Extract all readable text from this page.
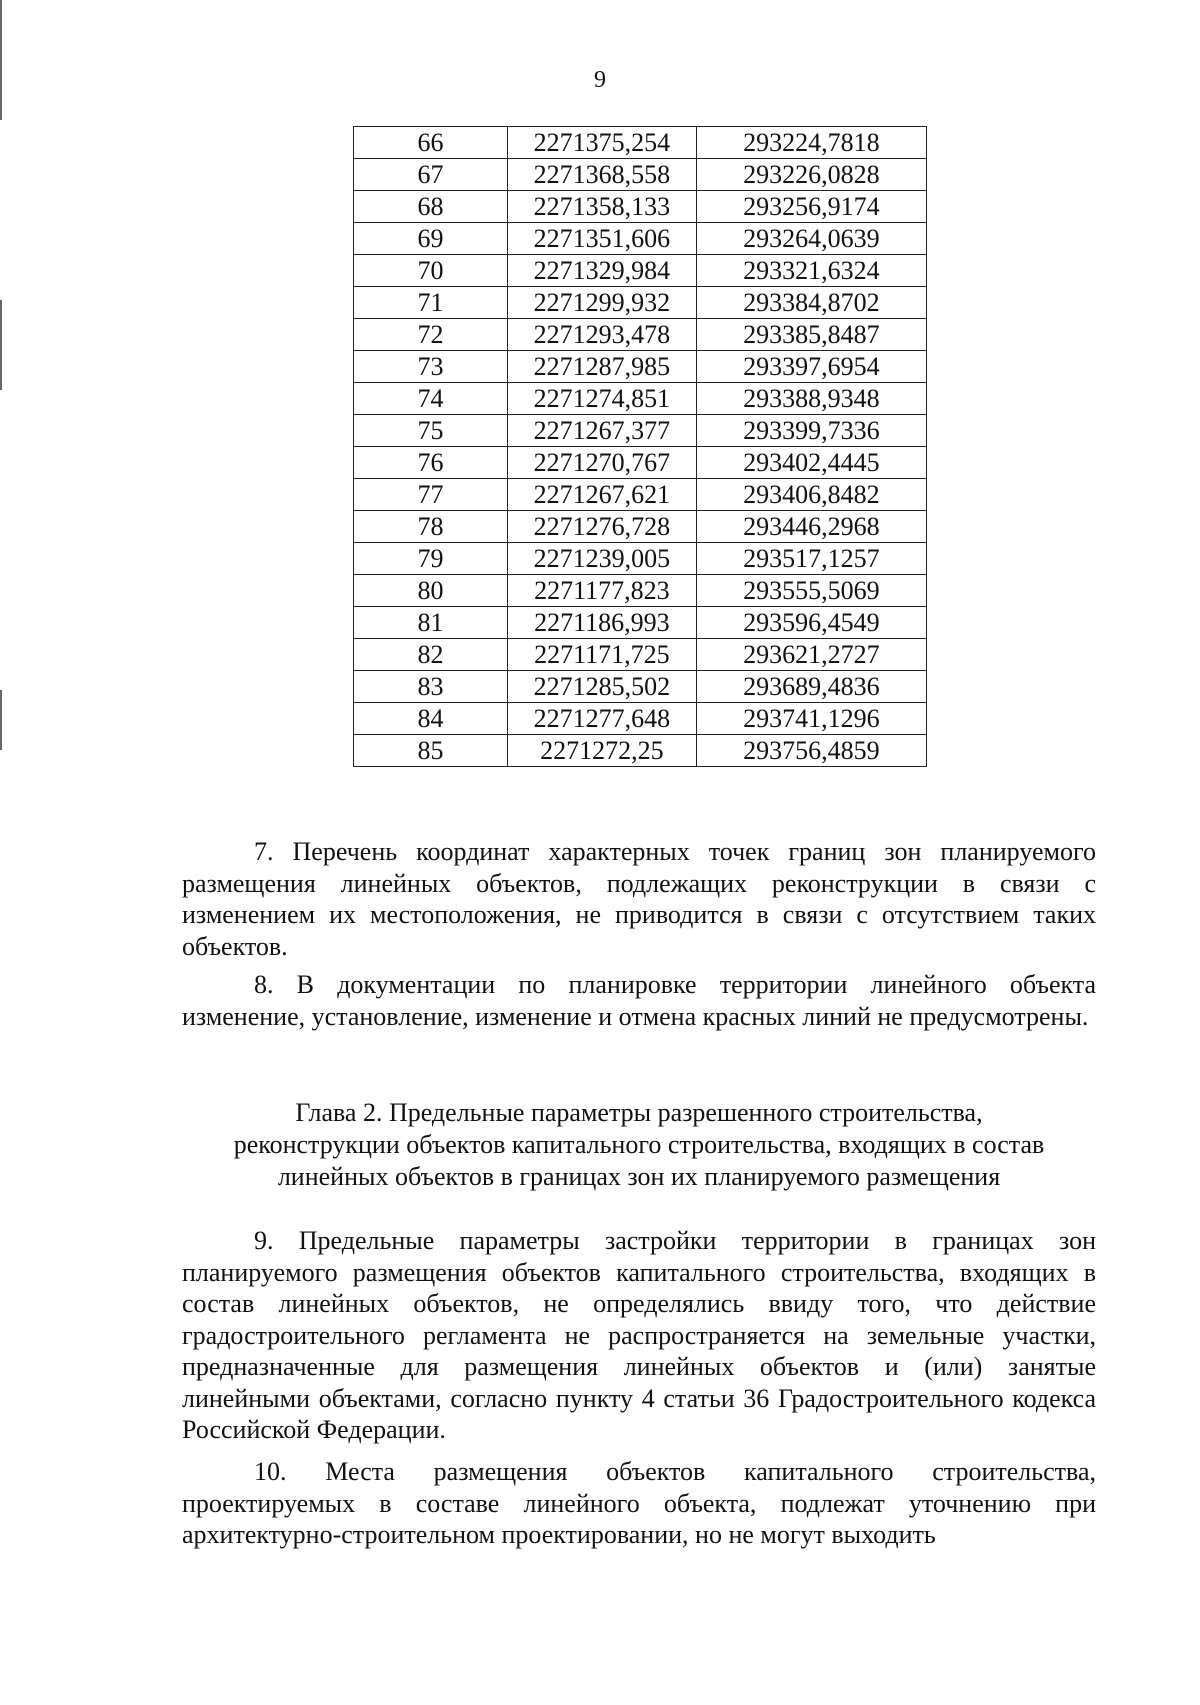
9
66	2271375,254	293224,7818
67	2271368,558	293226,0828
68	2271358,133	293256,9174
69	2271351,606	293264,0639
70	2271329,984	293321,6324
71	2271299,932	293384,8702
72	2271293,478	293385,8487
73	2271287,985	293397,6954
74	2271274,851	293388,9348
75	2271267,377	293399,7336
76	2271270,767	293402,4445
77	2271267,621	293406,8482
78	2271276,728	293446,2968
79	2271239,005	293517,1257
80	2271177,823	293555,5069
81	2271186,993	293596,4549
82	2271171,725	293621,2727
83	2271285,502	293689,4836
84	2271277,648	293741,1296
85	2271272,25	293756,4859
7. Перечень координат характерных точек границ зон планируемого размещения линейных объектов, подлежащих реконструкции в связи с изменением их местоположения, не приводится в связи с отсутствием таких объектов.
8. В документации по планировке территории линейного объекта изменение, установление, изменение и отмена красных линий не предусмотрены.
Глава 2. Предельные параметры разрешенного строительства,
реконструкции объектов капитального строительства, входящих в состав
линейных объектов в границах зон их планируемого размещения
9. Предельные параметры застройки территории в границах зон планируемого размещения объектов капитального строительства, входящих в состав линейных объектов, не определялись ввиду того, что действие градостроительного регламента не распространяется на земельные участки, предназначенные для размещения линейных объектов и (или) занятые линейными объектами, согласно пункту 4 статьи 36 Градостроительного кодекса Российской Федерации.
10. Места размещения объектов капитального строительства, проектируемых в составе линейного объекта, подлежат уточнению при архитектурно-строительном проектировании, но не могут выходить
